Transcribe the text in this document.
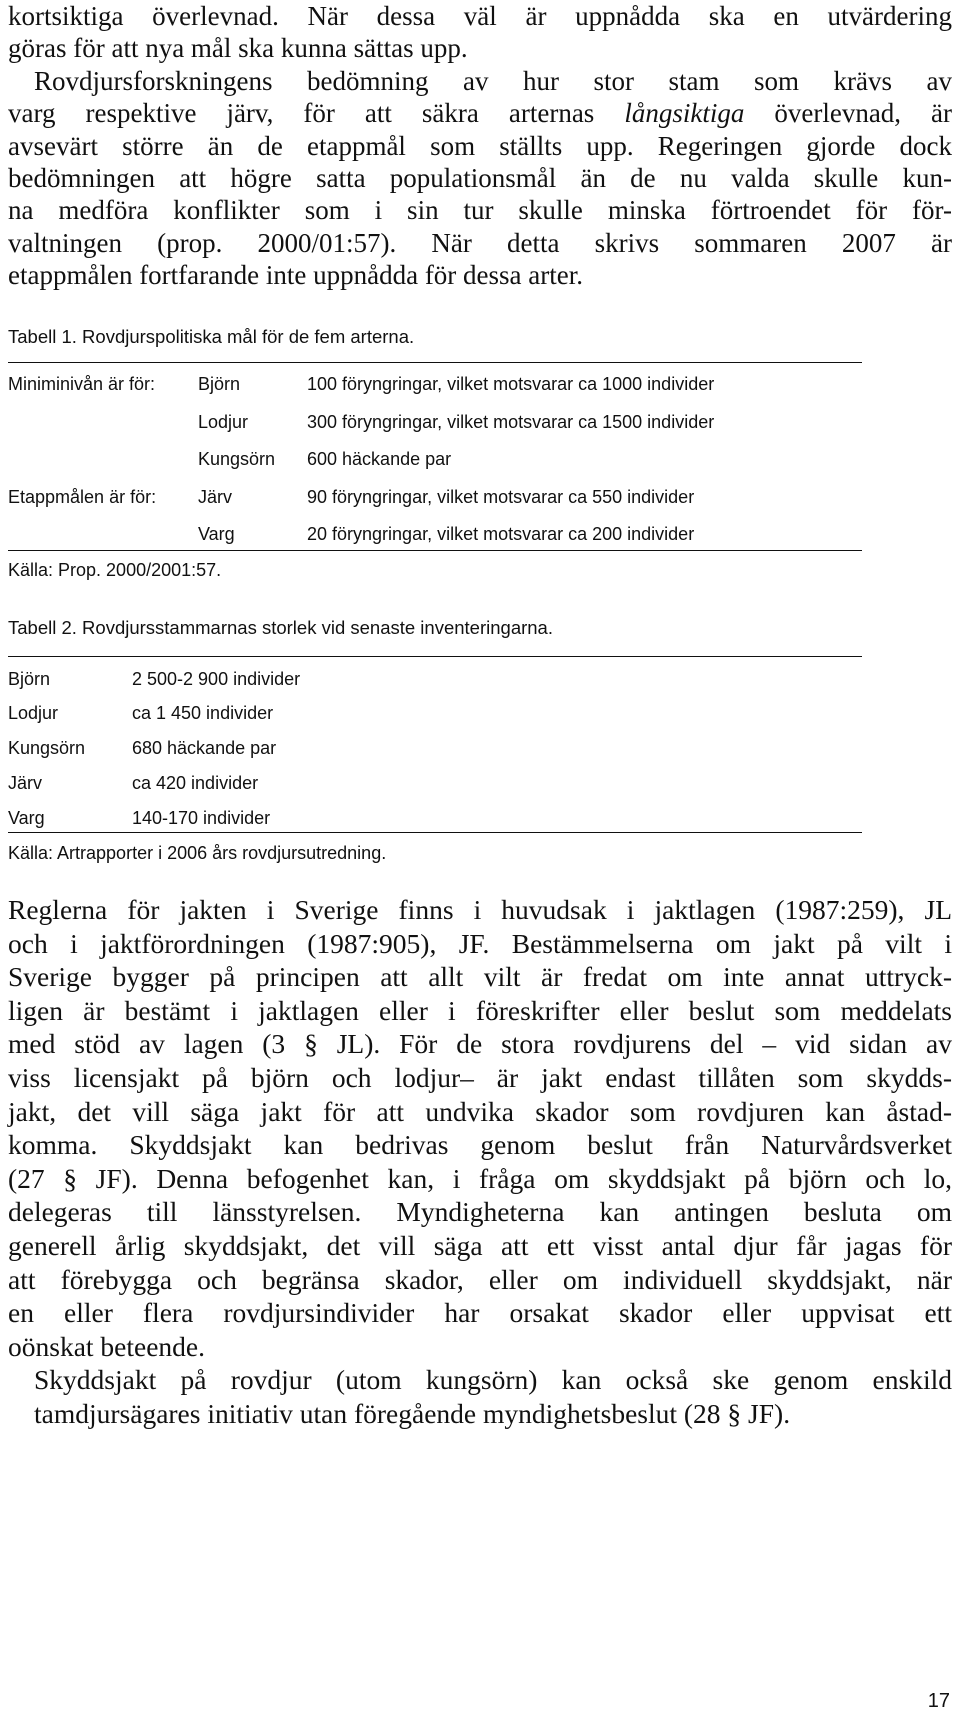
kortsiktiga överlevnad. När dessa väl är uppnådda ska en utvärdering
göras för att nya mål ska kunna sättas upp.
Rovdjursforskningens bedömning av hur stor stam som krävs av
varg respektive järv, för att säkra arternas långsiktiga överlevnad, är
avsevärt större än de etappmål som ställts upp. Regeringen gjorde dock
bedömningen att högre satta populationsmål än de nu valda skulle kun-
na medföra konflikter som i sin tur skulle minska förtroendet för för-
valtningen (prop. 2000/01:57). När detta skrivs sommaren 2007 är
etappmålen fortfarande inte uppnådda för dessa arter.
Tabell 1. Rovdjurspolitiska mål för de fem arterna.
Miniminivån är för:	Björn	100 föryngringar, vilket motsvarar ca 1000 individer
Lodjur	300 föryngringar, vilket motsvarar ca 1500 individer
Kungsörn	600 häckande par
Etappmålen är för:	Järv	90 föryngringar, vilket motsvarar ca 550 individer
Varg	20 föryngringar, vilket motsvarar ca 200 individer
Källa: Prop. 2000/2001:57.
Tabell 2. Rovdjursstammarnas storlek vid senaste inventeringarna.
Björn	2 500-2 900 individer
Lodjur	ca 1 450 individer
Kungsörn	680 häckande par
Järv	ca 420 individer
Varg	140-170 individer
Källa: Artrapporter i 2006 års rovdjursutredning.
Reglerna för jakten i Sverige finns i huvudsak i jaktlagen (1987:259), JL
och i jaktförordningen (1987:905), JF. Bestämmelserna om jakt på vilt i
Sverige bygger på principen att allt vilt är fredat om inte annat uttryck-
ligen är bestämt i jaktlagen eller i föreskrifter eller beslut som meddelats
med stöd av lagen (3 § JL). För de stora rovdjurens del – vid sidan av
viss licensjakt på björn och lodjur– är jakt endast tillåten som skydds-
jakt, det vill säga jakt för att undvika skador som rovdjuren kan åstad-
komma. Skyddsjakt kan bedrivas genom beslut från Naturvårdsverket
(27 § JF). Denna befogenhet kan, i fråga om skyddsjakt på björn och lo,
delegeras till länsstyrelsen. Myndigheterna kan antingen besluta om
generell årlig skyddsjakt, det vill säga att ett visst antal djur får jagas för
att förebygga och begränsa skador, eller om individuell skyddsjakt, när
en eller flera rovdjursindivider har orsakat skador eller uppvisat ett
oönskat beteende.
Skyddsjakt på rovdjur (utom kungsörn) kan också ske genom enskild
tamdjursägares initiativ utan föregående myndighetsbeslut (28 § JF).
17
